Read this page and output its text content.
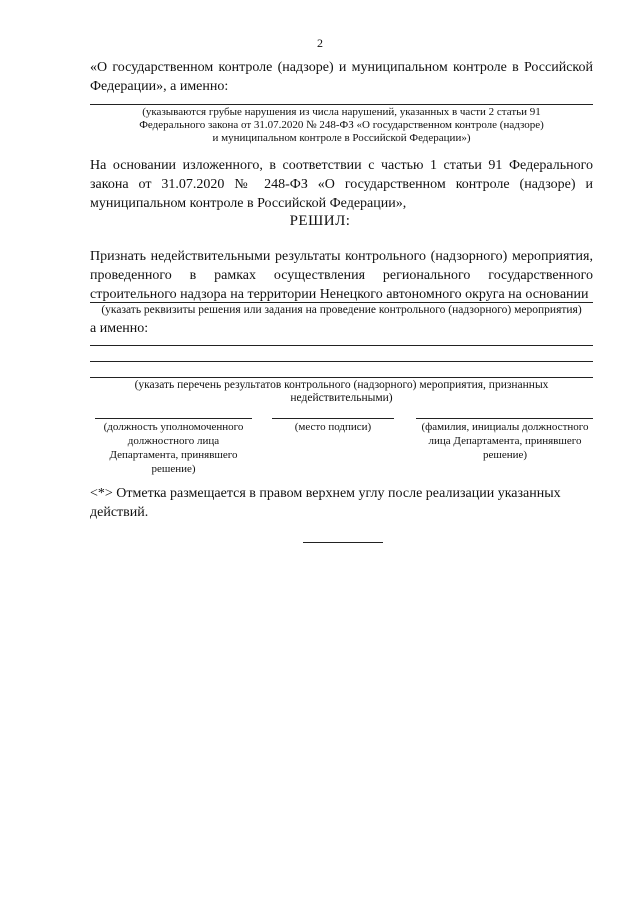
2
«О государственном контроле (надзоре) и муниципальном контроле в Российской Федерации», а именно:
(указываются грубые нарушения из числа нарушений, указанных в части 2 статьи 91
Федерального закона от 31.07.2020 № 248-ФЗ «О государственном контроле (надзоре)
и муниципальном контроле в Российской Федерации»)
На основании изложенного, в соответствии с частью 1 статьи 91 Федерального закона от 31.07.2020 № 248-ФЗ «О государственном контроле (надзоре) и муниципальном контроле в Российской Федерации»,
РЕШИЛ:
Признать недействительными результаты контрольного (надзорного) мероприятия, проведенного в рамках осуществления регионального государственного строительного надзора на территории Ненецкого автономного округа на основании
(указать реквизиты решения или задания на проведение контрольного (надзорного) мероприятия)
а именно:
(указать перечень результатов контрольного (надзорного) мероприятия, признанных недействительными)
(должность уполномоченного должностного лица Департамента, принявшего решение)
(место подписи)	(фамилия, инициалы должностного лица Департамента, принявшего решение)
<*> Отметка размещается в правом верхнем углу после реализации указанных действий.
